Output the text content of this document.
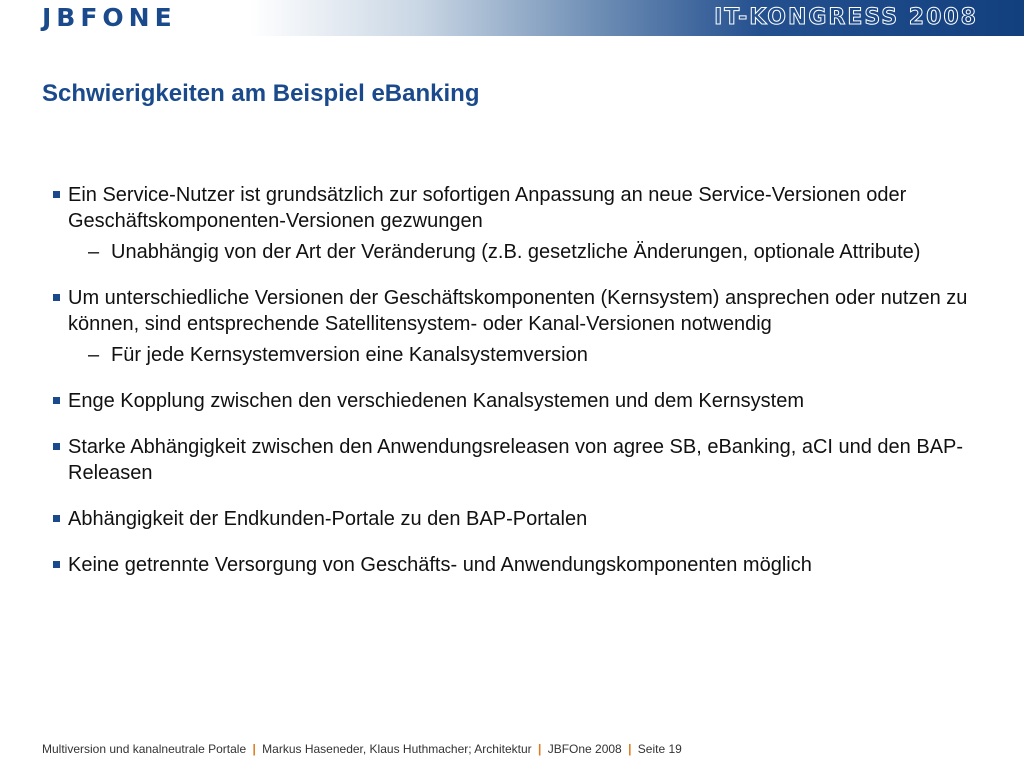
JBFONE	IT-KONGRESS 2008
Schwierigkeiten am Beispiel eBanking
Ein Service-Nutzer ist grundsätzlich zur sofortigen Anpassung an neue Service-Versionen oder Geschäftskomponenten-Versionen gezwungen
– Unabhängig von der Art der Veränderung (z.B. gesetzliche Änderungen, optionale Attribute)
Um unterschiedliche Versionen der Geschäftskomponenten (Kernsystem) ansprechen oder nutzen zu können, sind entsprechende Satellitensystem- oder Kanal-Versionen notwendig
– Für jede Kernsystemversion eine Kanalsystemversion
Enge Kopplung zwischen den verschiedenen Kanalsystemen und dem Kernsystem
Starke Abhängigkeit zwischen den Anwendungsreleasen von agree SB, eBanking, aCI und den BAP-Releasen
Abhängigkeit der Endkunden-Portale zu den BAP-Portalen
Keine getrennte Versorgung von Geschäfts- und Anwendungskomponenten möglich
Multiversion und kanalneutrale Portale | Markus Haseneder, Klaus Huthmacher; Architektur | JBFOne 2008 | Seite 19
